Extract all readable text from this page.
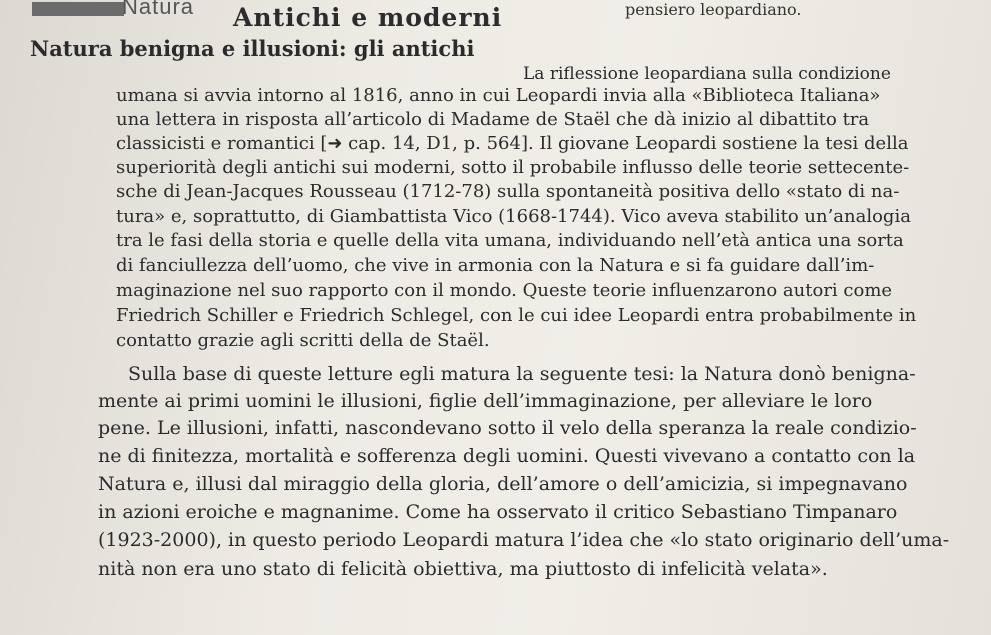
Natura	pensiero leopardiano.
Antichi e moderni
Natura benigna e illusioni: gli antichi
La riflessione leopardiana sulla condizione
umana si avvia intorno al 1816, anno in cui Leopardi invia alla «Biblioteca Italiana»
una lettera in risposta all’articolo di Madame de Staël che dà inizio al dibattito tra
classicisti e romantici [➜ cap. 14, D1, p. 564]. Il giovane Leopardi sostiene la tesi della
superiorità degli antichi sui moderni, sotto il probabile influsso delle teorie settecente-
sche di Jean-Jacques Rousseau (1712-78) sulla spontaneità positiva dello «stato di na-
tura» e, soprattutto, di Giambattista Vico (1668-1744). Vico aveva stabilito un’analogia
tra le fasi della storia e quelle della vita umana, individuando nell’età antica una sorta
di fanciullezza dell’uomo, che vive in armonia con la Natura e si fa guidare dall’im-
maginazione nel suo rapporto con il mondo. Queste teorie influenzarono autori come
Friedrich Schiller e Friedrich Schlegel, con le cui idee Leopardi entra probabilmente in
contatto grazie agli scritti della de Staël.
Sulla base di queste letture egli matura la seguente tesi: la Natura donò benigna-
mente ai primi uomini le illusioni, figlie dell’immaginazione, per alleviare le loro
pene. Le illusioni, infatti, nascondevano sotto il velo della speranza la reale condizio-
ne di finitezza, mortalità e sofferenza degli uomini. Questi vivevano a contatto con la
Natura e, illusi dal miraggio della gloria, dell’amore o dell’amicizia, si impegnavano
in azioni eroiche e magnanime. Come ha osservato il critico Sebastiano Timpanaro
(1923-2000), in questo periodo Leopardi matura l’idea che «lo stato originario dell’uma-
nità non era uno stato di felicità obiettiva, ma piuttosto di infelicità velata».
